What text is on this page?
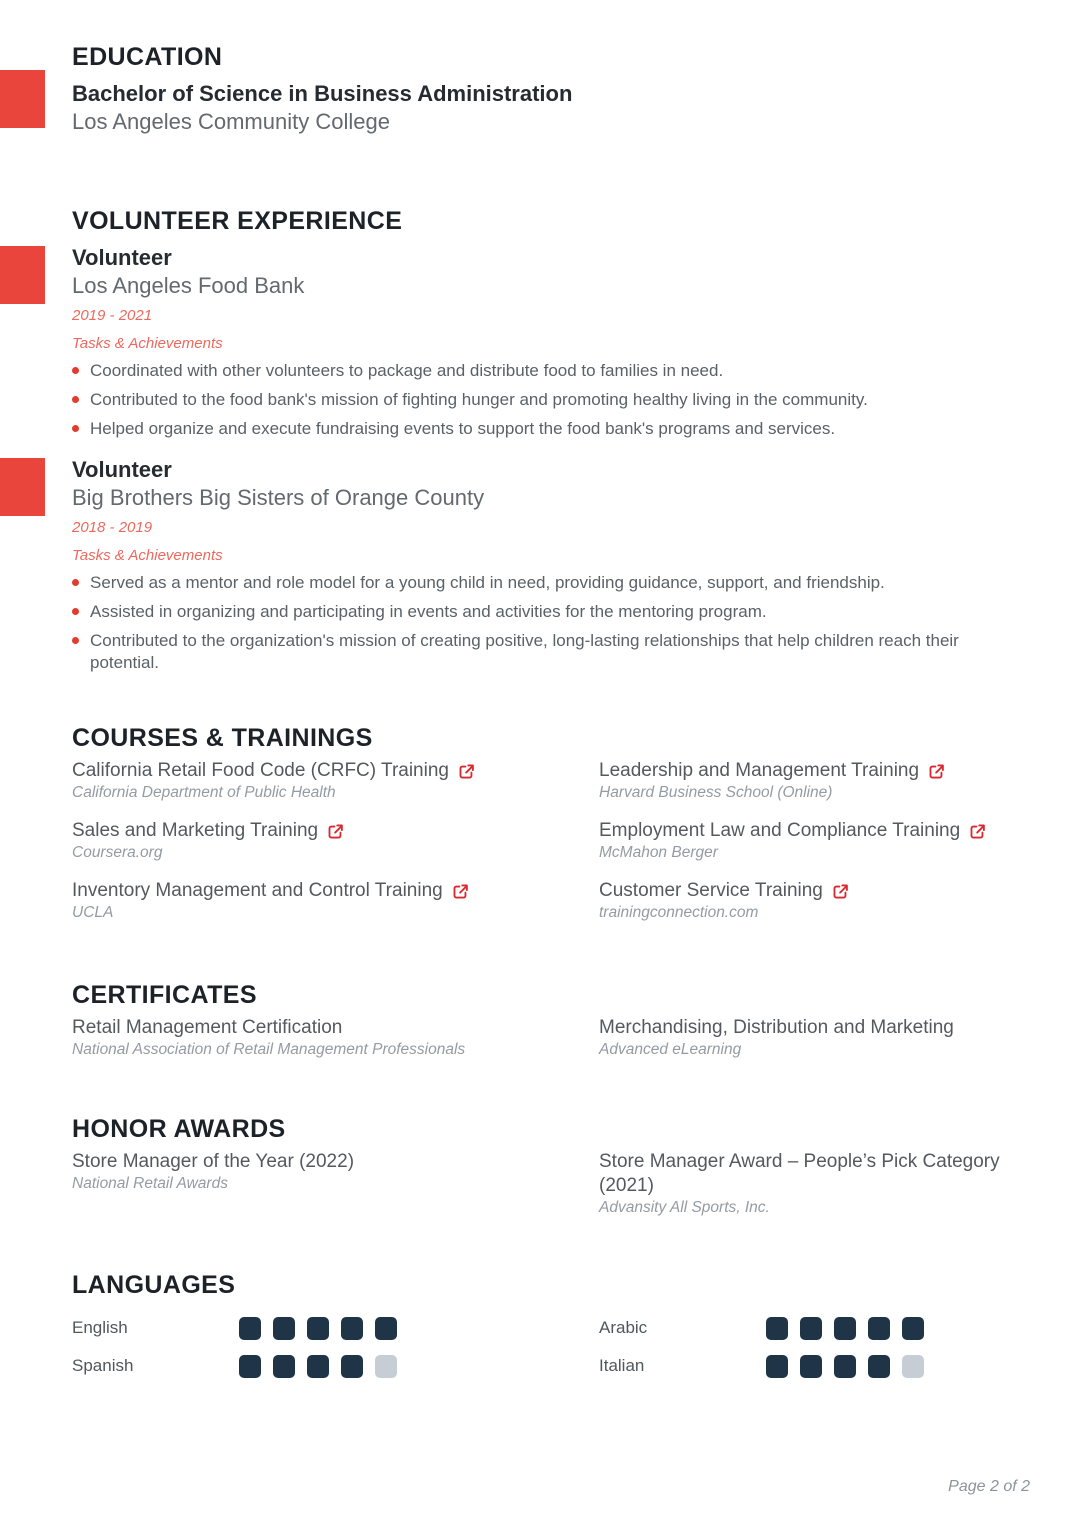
EDUCATION
Bachelor of Science in Business Administration
Los Angeles Community College
VOLUNTEER EXPERIENCE
Volunteer
Los Angeles Food Bank
2019 - 2021
Tasks & Achievements
Coordinated with other volunteers to package and distribute food to families in need.
Contributed to the food bank's mission of fighting hunger and promoting healthy living in the community.
Helped organize and execute fundraising events to support the food bank's programs and services.
Volunteer
Big Brothers Big Sisters of Orange County
2018 - 2019
Tasks & Achievements
Served as a mentor and role model for a young child in need, providing guidance, support, and friendship.
Assisted in organizing and participating in events and activities for the mentoring program.
Contributed to the organization's mission of creating positive, long-lasting relationships that help children reach their potential.
COURSES & TRAININGS
California Retail Food Code (CRFC) Training
California Department of Public Health
Leadership and Management Training
Harvard Business School (Online)
Sales and Marketing Training
Coursera.org
Employment Law and Compliance Training
McMahon Berger
Inventory Management and Control Training
UCLA
Customer Service Training
trainingconnection.com
CERTIFICATES
Retail Management Certification
National Association of Retail Management Professionals
Merchandising, Distribution and Marketing
Advanced eLearning
HONOR AWARDS
Store Manager of the Year (2022)
National Retail Awards
Store Manager Award – People’s Pick Category (2021)
Advansity All Sports, Inc.
LANGUAGES
English	Arabic
Spanish	Italian
Page 2 of 2
